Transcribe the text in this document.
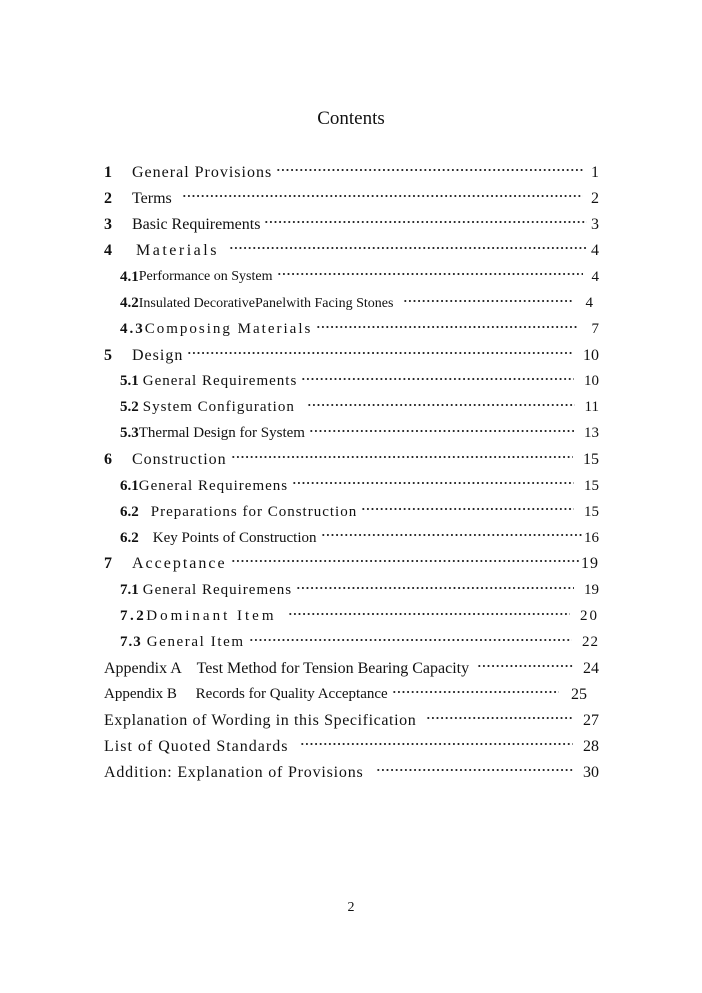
Contents
1	General Provisions	1
2	Terms	2
3	Basic Requirements	3
4	Materials	4
4.1 Performance on System	4
4.2 Insulated DecorativePanelwith Facing Stones	4
4.3 Composing Materials	7
5	Design	10
5.1 General Requirements	10
5.2 System Configuration	11
5.3 Thermal Design for System	13
6	Construction	15
6.1 General Requiremens	15
6.2 Preparations for Construction	15
6.2 Key Points of Construction	16
7	Acceptance	19
7.1 General Requiremens	19
7.2 Dominant Item	20
7.3 General Item	22
Appendix A    Test Method for Tension Bearing Capacity	24
Appendix B     Records for Quality Acceptance	25
Explanation of Wording in this Specification	27
List of Quoted Standards	28
Addition: Explanation of Provisions	30
2
